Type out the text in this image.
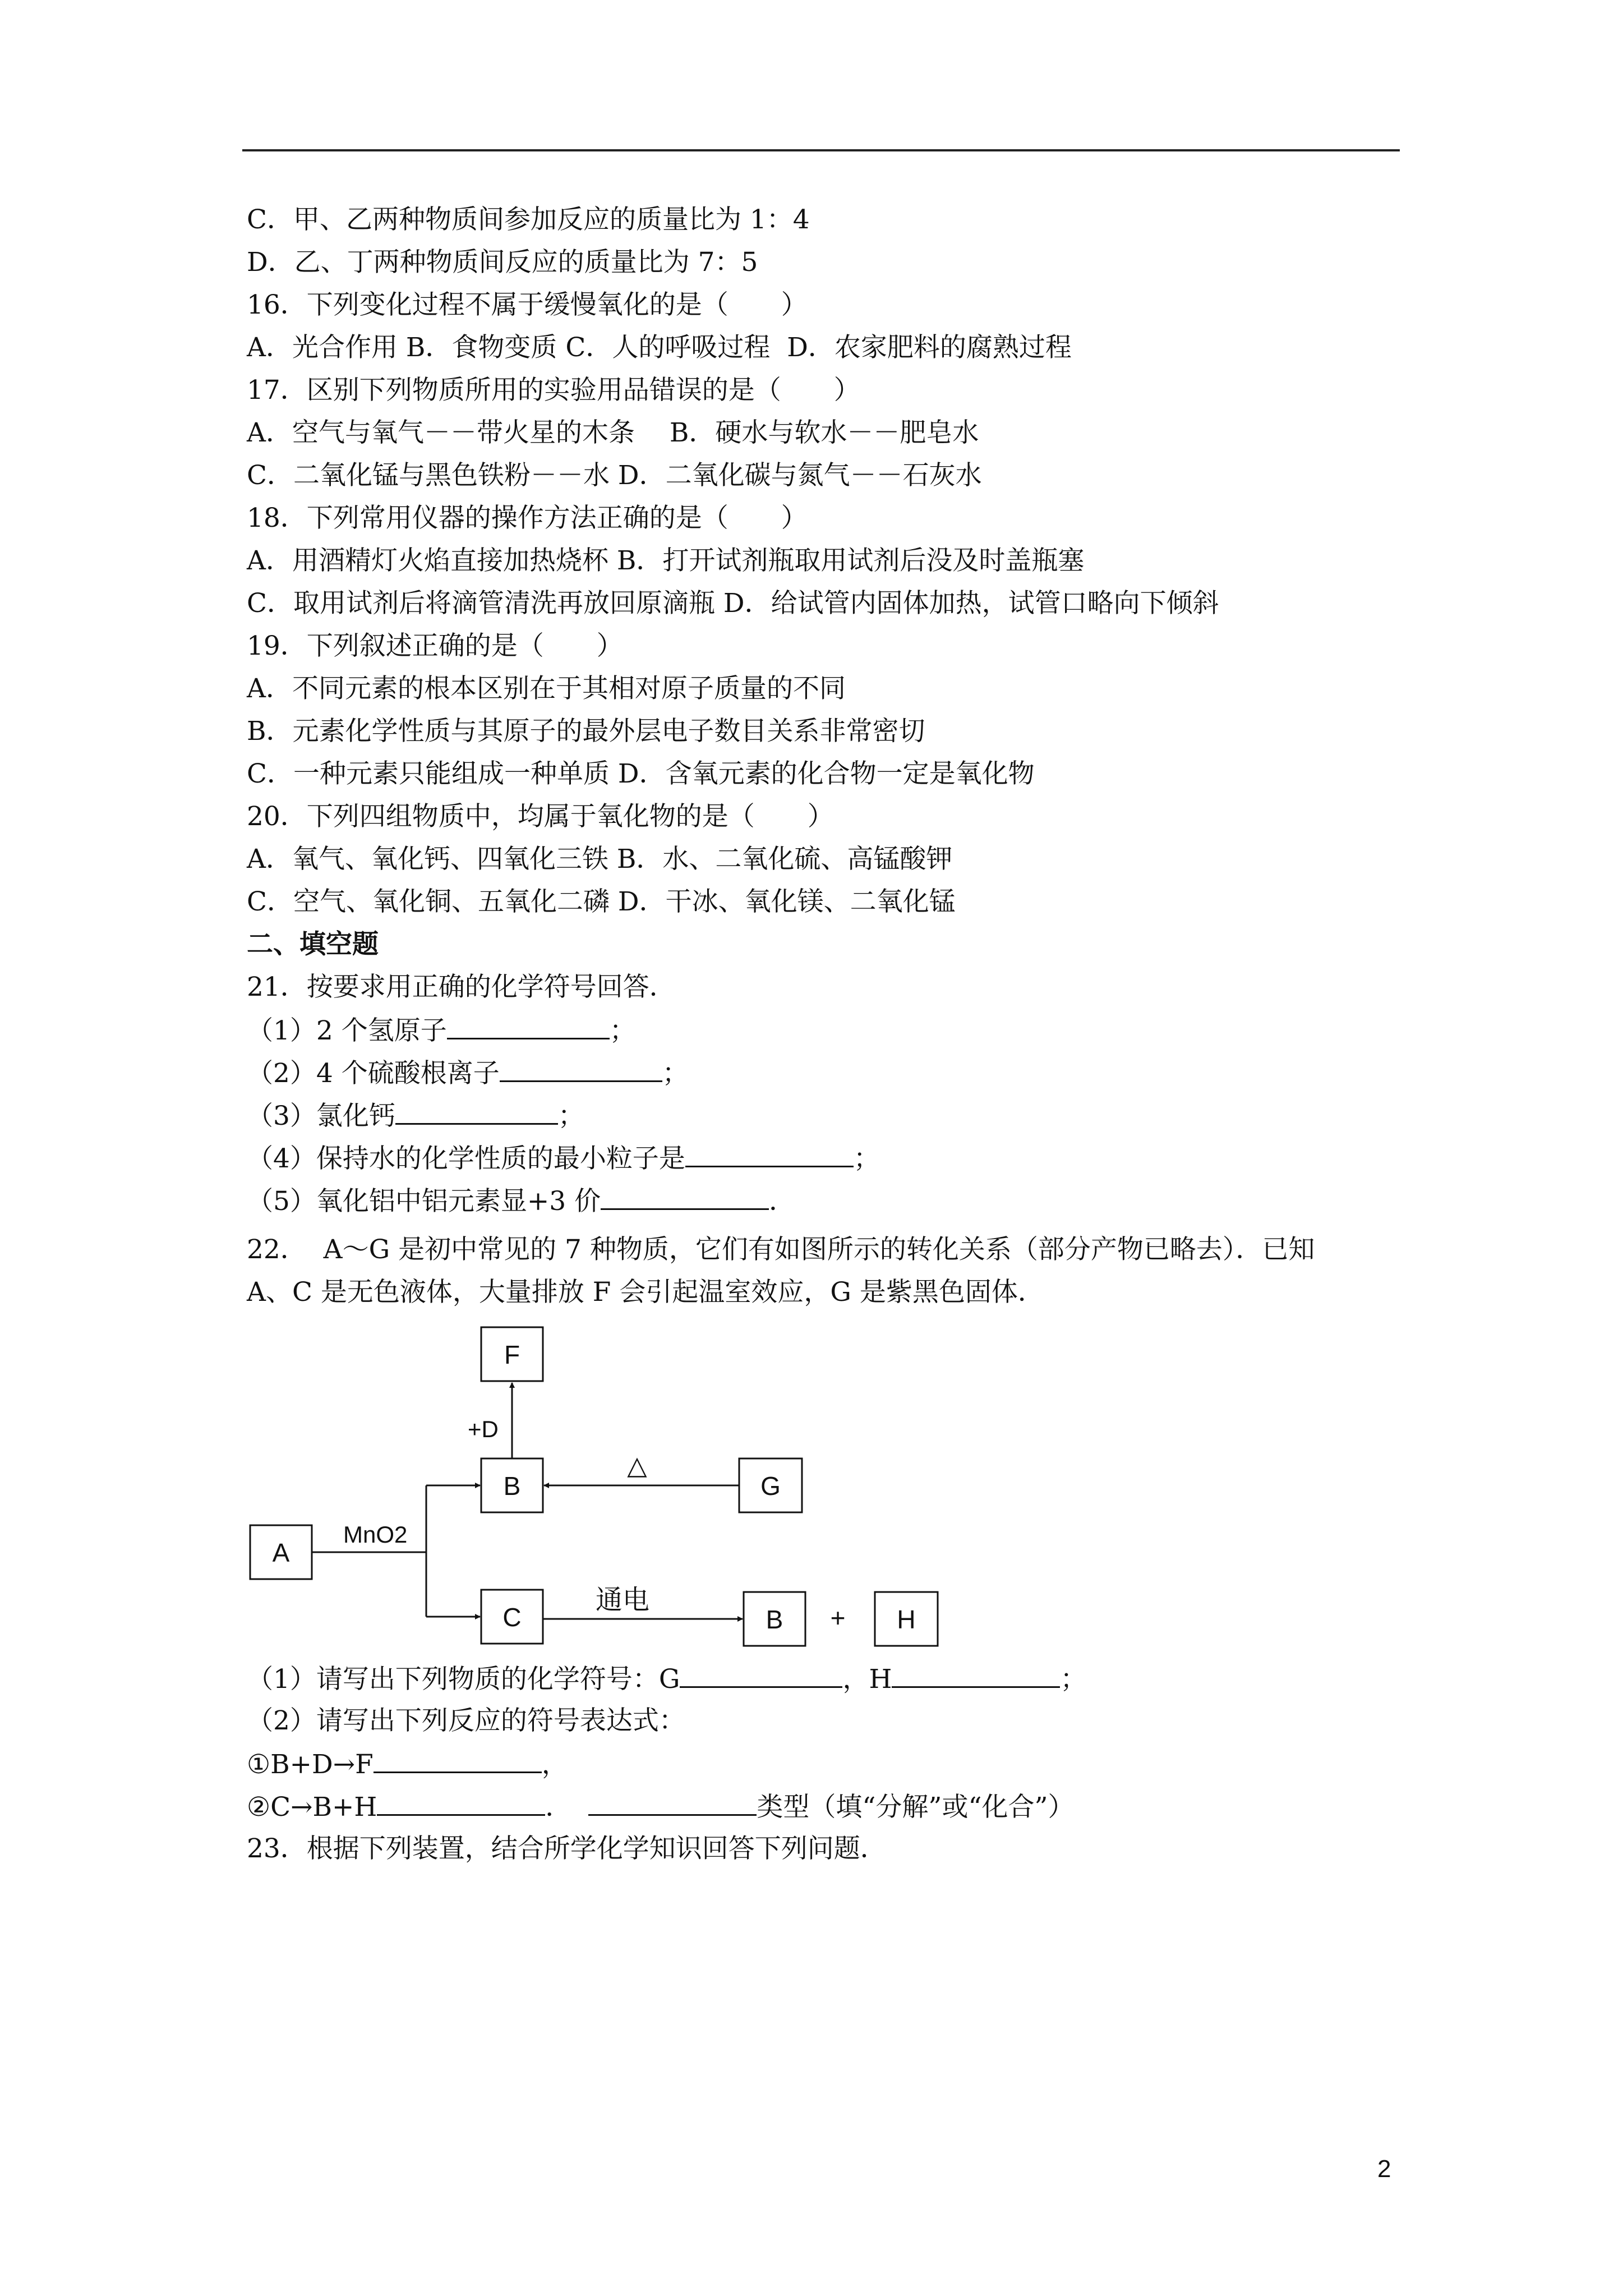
C．甲、乙两种物质间参加反应的质量比为 1：4
D．乙、丁两种物质间反应的质量比为 7：5
16．下列变化过程不属于缓慢氧化的是（　　）
A．光合作用 B．食物变质 C．人的呼吸过程  D．农家肥料的腐熟过程
17．区别下列物质所用的实验用品错误的是（　　）
A．空气与氧气－－带火星的木条　 B．硬水与软水－－肥皂水
C．二氧化锰与黑色铁粉－－水 D．二氧化碳与氮气－－石灰水
18．下列常用仪器的操作方法正确的是（　　）
A．用酒精灯火焰直接加热烧杯 B．打开试剂瓶取用试剂后没及时盖瓶塞
C．取用试剂后将滴管清洗再放回原滴瓶 D．给试管内固体加热，试管口略向下倾斜
19．下列叙述正确的是（　　）
A．不同元素的根本区别在于其相对原子质量的不同
B．元素化学性质与其原子的最外层电子数目关系非常密切
C．一种元素只能组成一种单质 D．含氧元素的化合物一定是氧化物
20．下列四组物质中，均属于氧化物的是（　　）
A．氧气、氧化钙、四氧化三铁 B．水、二氧化硫、高锰酸钾
C．空气、氧化铜、五氧化二磷 D．干冰、氧化镁、二氧化锰
二、填空题
21．按要求用正确的化学符号回答．
（1）2 个氢原子	；
（2）4 个硫酸根离子	；
（3）氯化钙	；
（4）保持水的化学性质的最小粒子是	；
（5）氧化铝中铝元素显+3 价	．
22．  A～G 是初中常见的 7 种物质，它们有如图所示的转化关系（部分产物已略去）．已知
A、C 是无色液体，大量排放 F 会引起温室效应，G 是紫黑色固体．
A
B
C
F
G
B	H
+
MnO2
+D
△
通电
（1）请写出下列物质的化学符号：G	，H	；
（2）请写出下列反应的符号表达式：
①B+D→F	，
②C→B+H	．	类型（填“分解”或“化合”）
23．根据下列装置，结合所学化学知识回答下列问题．
2
